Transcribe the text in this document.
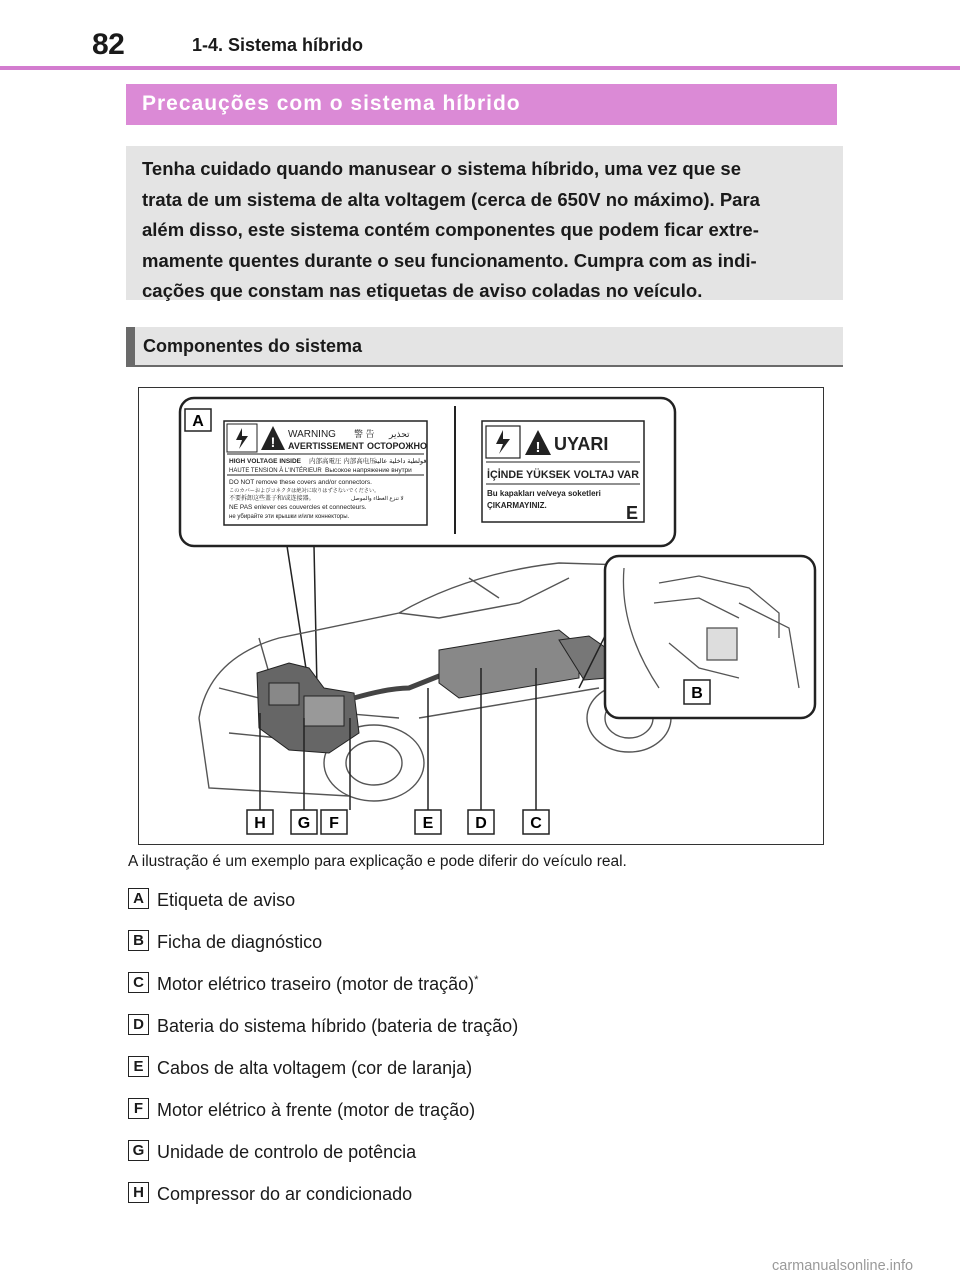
82	1-4. Sistema híbrido
Precauções com o sistema híbrido
Tenha cuidado quando manusear o sistema híbrido, uma vez que se
trata de um sistema de alta voltagem (cerca de 650V no máximo). Para
além disso, este sistema contém componentes que podem ficar extre-
mamente quentes durante o seu funcionamento. Cumpra com as indi-
cações que constam nas etiquetas de aviso coladas no veículo.
Componentes do sistema
A
! WARNING 警 告 تحذير
AVERTISSEMENT ОСТОРОЖНО
HIGH VOLTAGE INSIDE 内部高電圧 内部高电压
فولطية داخلية عالية
HAUTE TENSION À L'INTÉRIEUR Высокое напряжение внутри
DO NOT remove these covers and/or connectors.
このカバーおよびコネクタは絶対に取りはずさないでください。
不要拆卸这些盖子和/或连接器。	لا تنزع الغطاء والموصل
NE PAS enlever ces couvercles et connecteurs.
не убирайте эти крышки и/или коннекторы.
! UYARI
İÇİNDE YÜKSEK VOLTAJ VAR
Bu kapakları ve/veya soketleri
ÇIKARMAYINIZ.	E
B
H G F	E	D	C
A ilustração é um exemplo para explicação e pode diferir do veículo real.
A Etiqueta de aviso
B Ficha de diagnóstico
C Motor elétrico traseiro (motor de tração)*
D Bateria do sistema híbrido (bateria de tração)
E Cabos de alta voltagem (cor de laranja)
F Motor elétrico à frente (motor de tração)
G Unidade de controlo de potência
H Compressor do ar condicionado
carmanualsonline.info
